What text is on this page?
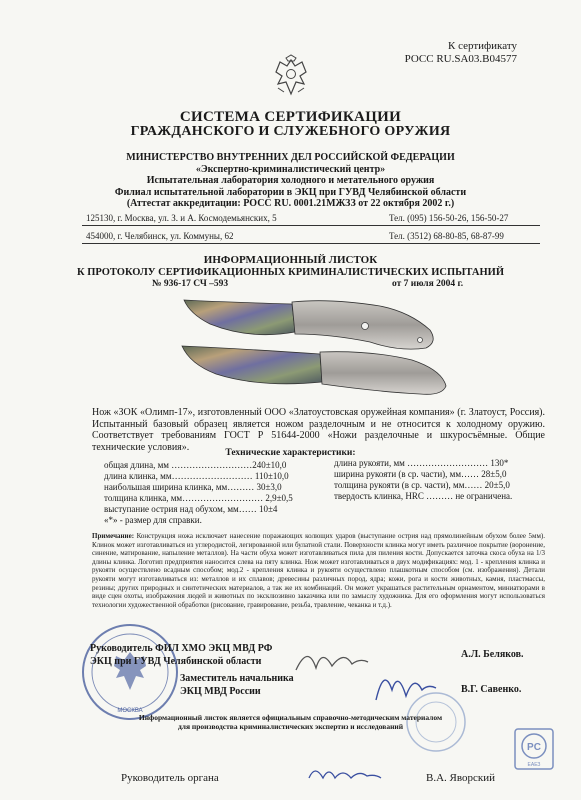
К сертификату
РОСС RU.SA03.B04577
СИСТЕМА СЕРТИФИКАЦИИ
ГРАЖДАНСКОГО И СЛУЖЕБНОГО ОРУЖИЯ
МИНИСТЕРСТВО ВНУТРЕННИХ ДЕЛ РОССИЙСКОЙ ФЕДЕРАЦИИ
«Экспертно-криминалистический центр»
Испытательная лаборатория холодного и метательного оружия
Филиал испытательной лаборатории в ЭКЦ при ГУВД Челябинской области
(Аттестат аккредитации: РОСС RU. 0001.21МЖЗЗ от 22 октября 2002 г.)
125130, г. Москва, ул. З. и А. Космодемьянских, 5	Тел. (095) 156-50-26, 156-50-27
454000, г. Челябинск, ул. Коммуны, 62	Тел. (3512) 68-80-85, 68-87-99
ИНФОРМАЦИОННЫЙ ЛИСТОК
К ПРОТОКОЛУ СЕРТИФИКАЦИОННЫХ КРИМИНАЛИСТИЧЕСКИХ ИСПЫТАНИЙ
№ 936-17 СЧ –593	от 7 июля 2004 г.
Нож «ЗОК «Олимп-17», изготовленный ООО «Златоустовская оружейная компания» (г. Златоуст, Россия). Испытанный базовый образец является ножом разделочным и не относится к холодному оружию. Соответствует требованиям ГОСТ Р 51644-2000 «Ножи разделочные и шкуросъёмные. Общие технические условия».
Технические характеристики:
общая длина, мм ………………………240±10,0
длина клинка, мм……………………… 110±10,0
наибольшая ширина клинка, мм……… 30±3,0
толщина клинка, мм……………………… 2,9±0,5
выступание острия над обухом, мм…… 10±4
«*» - размер для справки.
длина рукояти, мм ……………………… 130*
ширина рукояти (в ср. части), мм…… 28±5,0
толщина рукояти (в ср. части), мм…… 20±5,0
твердость клинка, HRC ……… не ограничена.
Примечание: Конструкция ножа исключает нанесение поражающих колющих ударов (выступание острия над прямолинейным обухом более 5мм). Клинок может изготавливаться из углеродистой, легированной или булатной стали. Поверхности клинка могут иметь различное покрытие (воронение, синение, матирование, напыление металлов). На части обуха может изготавливаться пила для пиления кости. Допускается заточка скоса обуха на 1/3 длины клинка. Логотип предприятия наносится слева на пяту клинка. Нож может изготавливаться в двух модификациях: мод. 1 - крепления клинка и рукояти осуществлено всадным способом; мод.2 - крепления клинка и рукояти осуществлено плашкотным способом (см. изображения). Детали рукояти могут изготавливаться из: металлов и их сплавов; древесины различных пород, ядра; кожи, рога и кости животных, камня, пластмассы, резины; других природных и синтетических материалов, а так же их комбинаций. Он может украшаться растительным орнаментом, миниатюрами в виде сцен охоты, изображения людей и животных по эксклюзивно заказчика или по замыслу художника. Для его оформления могут использоваться технологии художественной обработки (рисование, гравирование, резьба, травление, чеканка и т.д.).
МОСКВА
Руководитель ФИЛ ХМО ЭКЦ МВД РФ
ЭКЦ при ГУВД Челябинской области
А.Л. Беляков.
Заместитель начальника
ЭКЦ МВД России	В.Г. Савенко.
Информационный листок является официальным справочно-методическим материалом
для производства криминалистических экспертиз и исследований
PC
ЕАЕЗ
Руководитель органа	В.А. Яворский
